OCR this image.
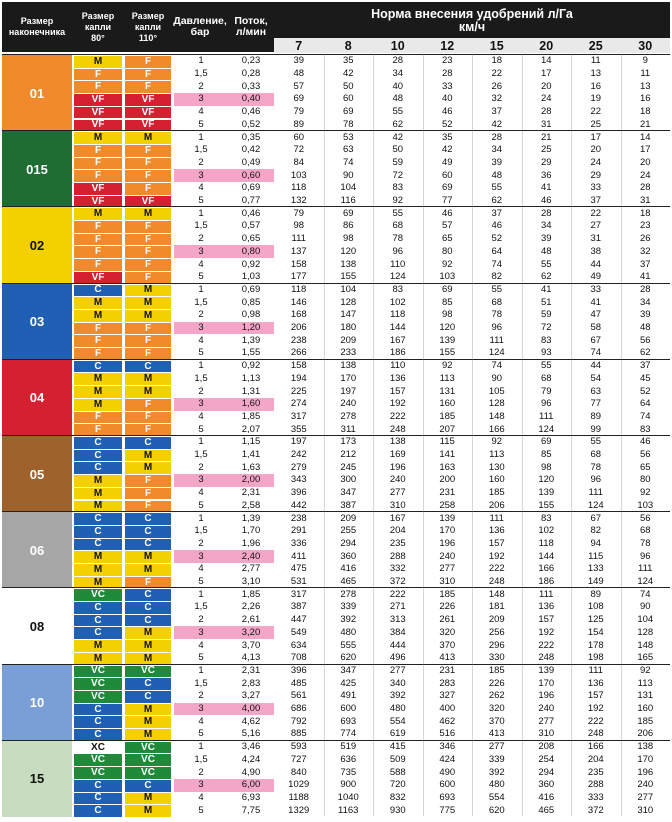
Размер
наконечника
Размер
капли
80°
Размер
капли
110°
Давление,
бар
Поток,
л/мин
Норма внесения удобрений л/Га
км/ч
7	8	10	12	15	20	25	30
01
M	F	1	0,23	39	35	28	23	18	14	11	9
F	F	1,5	0,28	48	42	34	28	22	17	13	11
F	F	2	0,33	57	50	40	33	26	20	16	13
VF	VF	3	0,40	69	60	48	40	32	24	19	16
VF	VF	4	0,46	79	69	55	46	37	28	22	18
VF	VF	5	0,52	89	78	62	52	42	31	25	21
015
M	M	1	0,35	60	53	42	35	28	21	17	14
F	F	1,5	0,42	72	63	50	42	34	25	20	17
F	F	2	0,49	84	74	59	49	39	29	24	20
F	F	3	0,60	103	90	72	60	48	36	29	24
VF	F	4	0,69	118	104	83	69	55	41	33	28
VF	VF	5	0,77	132	116	92	77	62	46	37	31
02
M	M	1	0,46	79	69	55	46	37	28	22	18
F	F	1,5	0,57	98	86	68	57	46	34	27	23
F	F	2	0,65	111	98	78	65	52	39	31	26
F	F	3	0,80	137	120	96	80	64	48	38	32
F	F	4	0,92	158	138	110	92	74	55	44	37
VF	F	5	1,03	177	155	124	103	82	62	49	41
03
C	M	1	0,69	118	104	83	69	55	41	33	28
M	M	1,5	0,85	146	128	102	85	68	51	41	34
M	M	2	0,98	168	147	118	98	78	59	47	39
F	F	3	1,20	206	180	144	120	96	72	58	48
F	F	4	1,39	238	209	167	139	111	83	67	56
F	F	5	1,55	266	233	186	155	124	93	74	62
04
C	C	1	0,92	158	138	110	92	74	55	44	37
M	M	1,5	1,13	194	170	136	113	90	68	54	45
M	M	2	1,31	225	197	157	131	105	79	63	52
M	F	3	1,60	274	240	192	160	128	96	77	64
F	F	4	1,85	317	278	222	185	148	111	89	74
F	F	5	2,07	355	311	248	207	166	124	99	83
05
C	C	1	1,15	197	173	138	115	92	69	55	46
C	M	1,5	1,41	242	212	169	141	113	85	68	56
C	M	2	1,63	279	245	196	163	130	98	78	65
M	F	3	2,00	343	300	240	200	160	120	96	80
M	F	4	2,31	396	347	277	231	185	139	111	92
M	F	5	2,58	442	387	310	258	206	155	124	103
06
C	C	1	1,39	238	209	167	139	111	83	67	56
C	C	1,5	1,70	291	255	204	170	136	102	82	68
C	C	2	1,96	336	294	235	196	157	118	94	78
M	M	3	2,40	411	360	288	240	192	144	115	96
M	M	4	2,77	475	416	332	277	222	166	133	111
M	F	5	3,10	531	465	372	310	248	186	149	124
08
VC	C	1	1,85	317	278	222	185	148	111	89	74
C	C	1,5	2,26	387	339	271	226	181	136	108	90
C	C	2	2,61	447	392	313	261	209	157	125	104
C	M	3	3,20	549	480	384	320	256	192	154	128
M	M	4	3,70	634	555	444	370	296	222	178	148
M	M	5	4,13	708	620	496	413	330	248	198	165
10
VC	VC	1	2,31	396	347	277	231	185	139	111	92
VC	C	1,5	2,83	485	425	340	283	226	170	136	113
VC	C	2	3,27	561	491	392	327	262	196	157	131
C	M	3	4,00	686	600	480	400	320	240	192	160
C	M	4	4,62	792	693	554	462	370	277	222	185
C	M	5	5,16	885	774	619	516	413	310	248	206
15
XC	VC	1	3,46	593	519	415	346	277	208	166	138
VC	VC	1,5	4,24	727	636	509	424	339	254	204	170
VC	VC	2	4,90	840	735	588	490	392	294	235	196
C	C	3	6,00	1029	900	720	600	480	360	288	240
C	M	4	6,93	1188	1040	832	693	554	416	333	277
C	M	5	7,75	1329	1163	930	775	620	465	372	310
